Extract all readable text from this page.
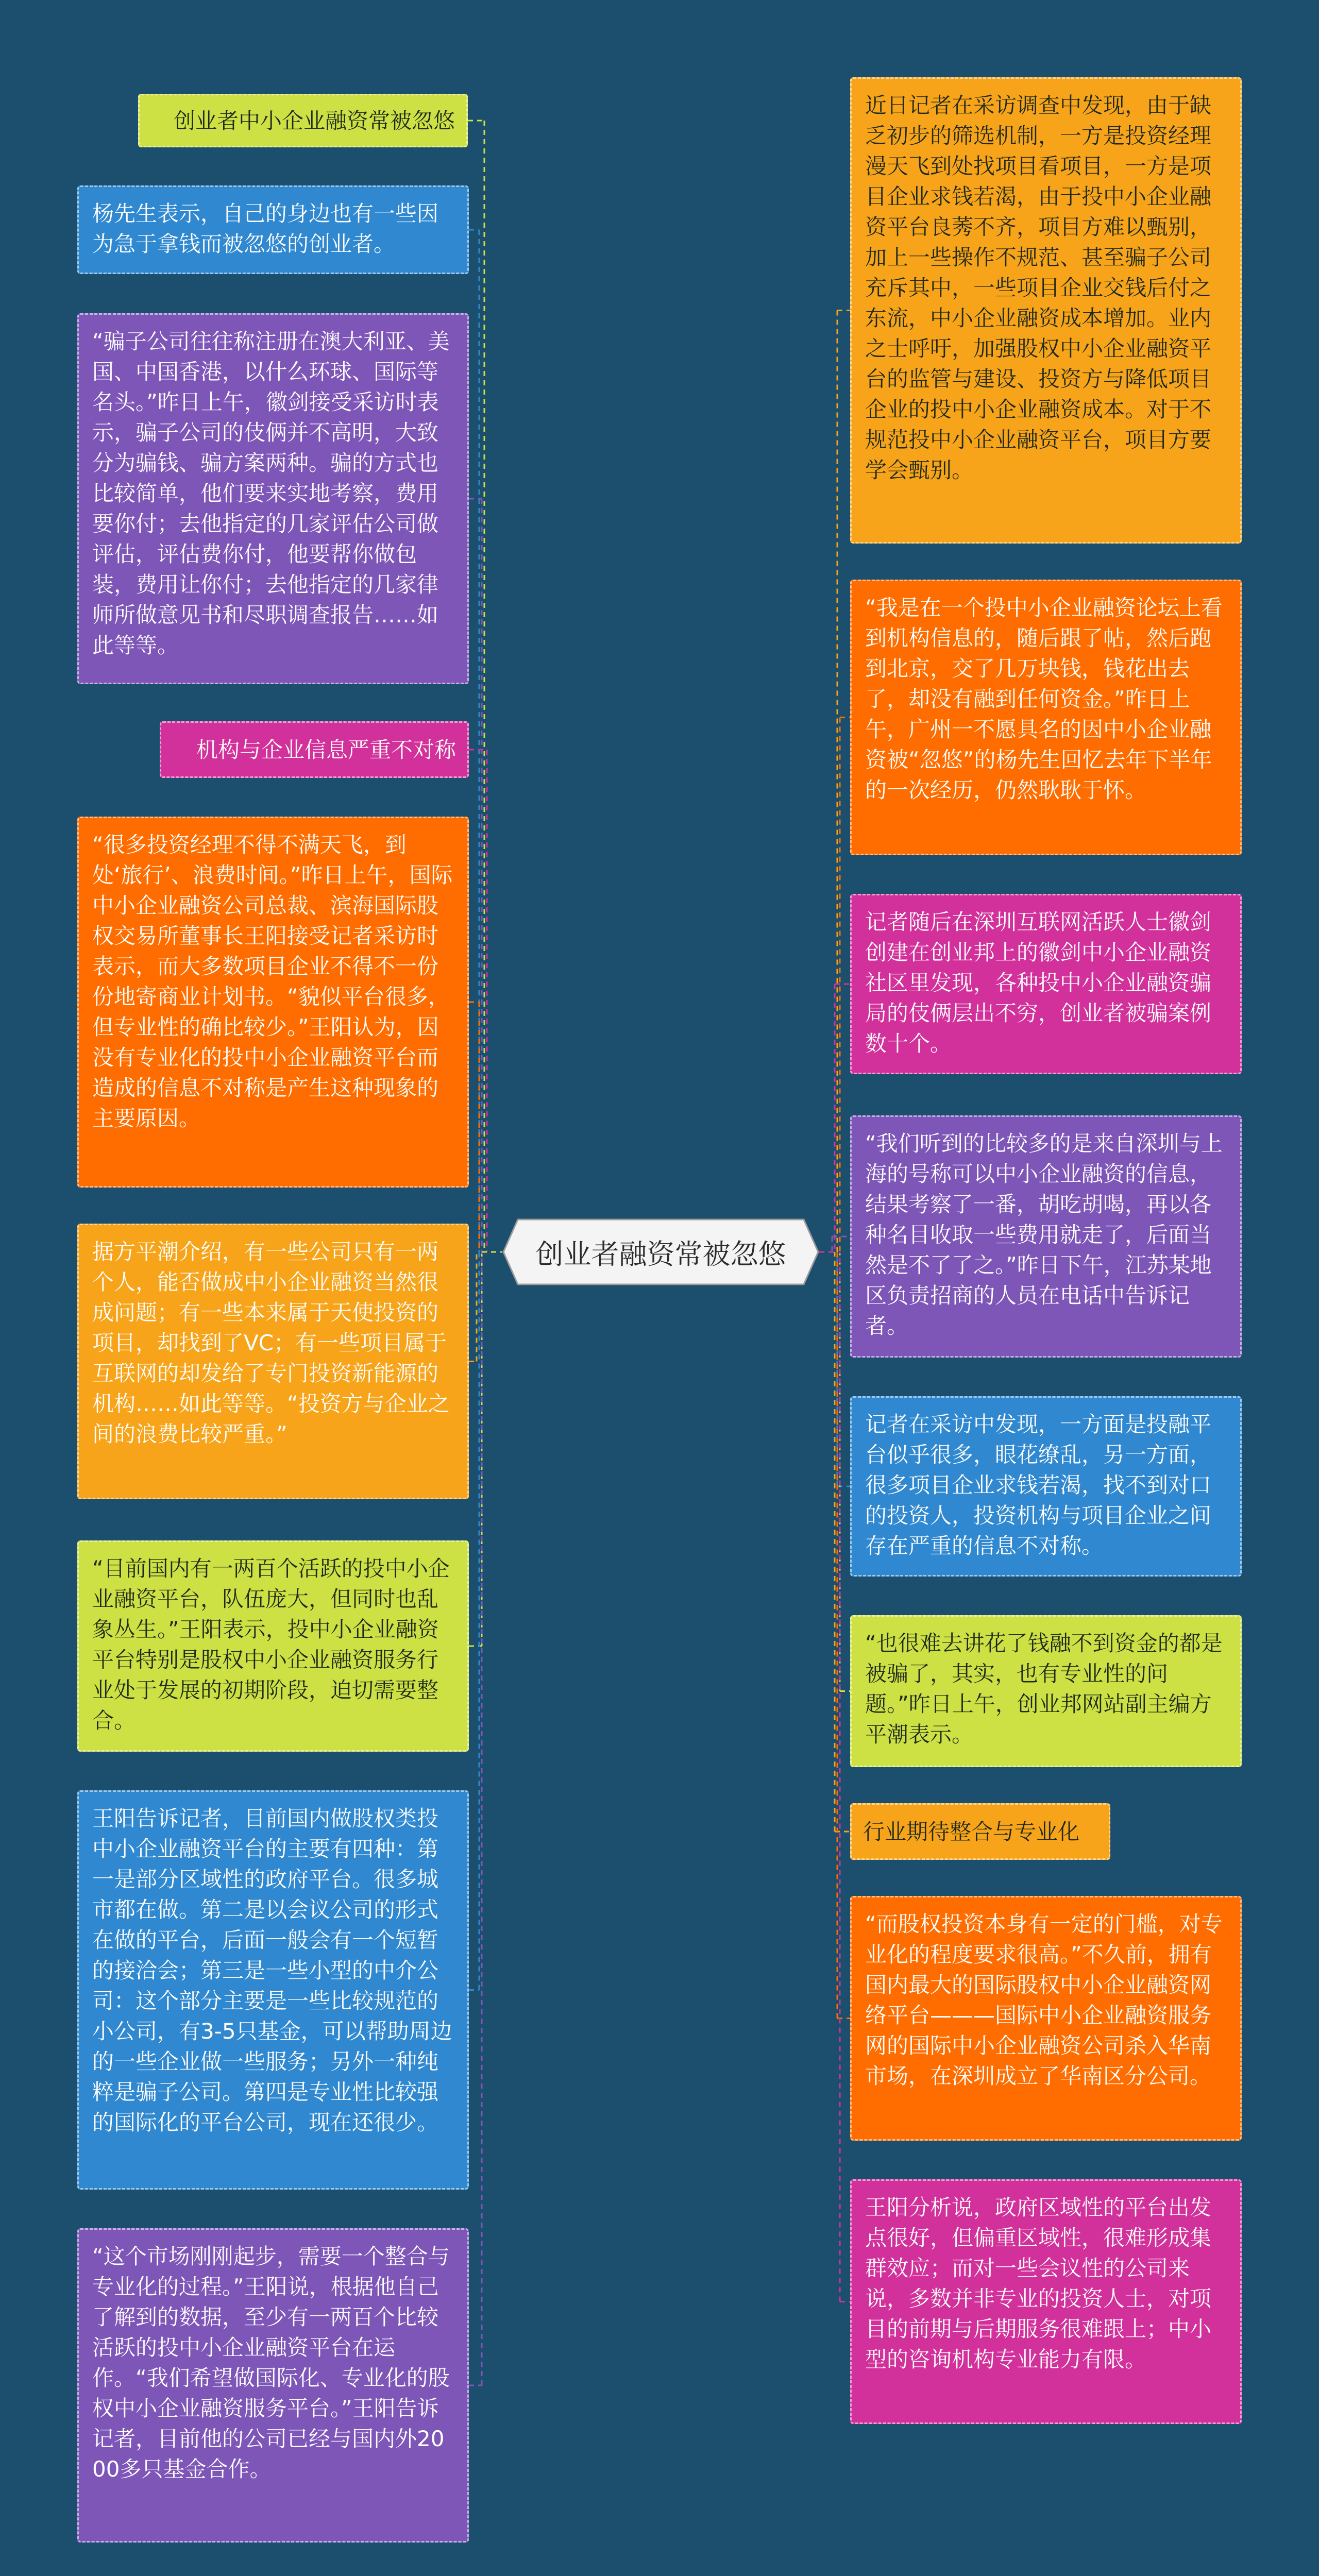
创业者融资常被忽悠
创业者中小企业融资常被忽悠
杨先生表示，自己的身边也有一些因为急于拿钱而被忽悠的创业者。
“骗子公司往往称注册在澳大利亚、美国、中国香港，以什么环球、国际等名头。”昨日上午，徽剑接受采访时表示，骗子公司的伎俩并不高明，大致分为骗钱、骗方案两种。骗的方式也比较简单，他们要来实地考察，费用要你付；去他指定的几家评估公司做评估，评估费你付，他要帮你做包装，费用让你付；去他指定的几家律师所做意见书和尽职调查报告……如此等等。
机构与企业信息严重不对称
“很多投资经理不得不满天飞，到处‘旅行’、浪费时间。”昨日上午，国际中小企业融资公司总裁、滨海国际股权交易所董事长王阳接受记者采访时表示，而大多数项目企业不得不一份份地寄商业计划书。“貌似平台很多，但专业性的确比较少。”王阳认为，因没有专业化的投中小企业融资平台而造成的信息不对称是产生这种现象的主要原因。
据方平潮介绍，有一些公司只有一两个人，能否做成中小企业融资当然很成问题；有一些本来属于天使投资的项目，却找到了VC；有一些项目属于互联网的却发给了专门投资新能源的机构……如此等等。“投资方与企业之间的浪费比较严重。”
“目前国内有一两百个活跃的投中小企业融资平台，队伍庞大，但同时也乱象丛生。”王阳表示，投中小企业融资平台特别是股权中小企业融资服务行业处于发展的初期阶段，迫切需要整合。
王阳告诉记者，目前国内做股权类投中小企业融资平台的主要有四种：第一是部分区域性的政府平台。很多城市都在做。第二是以会议公司的形式在做的平台，后面一般会有一个短暂的接洽会；第三是一些小型的中介公司：这个部分主要是一些比较规范的小公司，有3-5只基金，可以帮助周边的一些企业做一些服务；另外一种纯粹是骗子公司。第四是专业性比较强的国际化的平台公司，现在还很少。
“这个市场刚刚起步，需要一个整合与专业化的过程。”王阳说，根据他自己了解到的数据，至少有一两百个比较活跃的投中小企业融资平台在运作。“我们希望做国际化、专业化的股权中小企业融资服务平台。”王阳告诉记者，目前他的公司已经与国内外2000多只基金合作。
近日记者在采访调查中发现，由于缺乏初步的筛选机制，一方是投资经理漫天飞到处找项目看项目，一方是项目企业求钱若渴，由于投中小企业融资平台良莠不齐，项目方难以甄别，加上一些操作不规范、甚至骗子公司充斥其中，一些项目企业交钱后付之东流，中小企业融资成本增加。业内之士呼吁，加强股权中小企业融资平台的监管与建设、投资方与降低项目企业的投中小企业融资成本。对于不规范投中小企业融资平台，项目方要学会甄别。
“我是在一个投中小企业融资论坛上看到机构信息的，随后跟了帖，然后跑到北京，交了几万块钱，钱花出去了，却没有融到任何资金。”昨日上午，广州一不愿具名的因中小企业融资被“忽悠”的杨先生回忆去年下半年的一次经历，仍然耿耿于怀。
记者随后在深圳互联网活跃人士徽剑创建在创业邦上的徽剑中小企业融资社区里发现，各种投中小企业融资骗局的伎俩层出不穷，创业者被骗案例数十个。
“我们听到的比较多的是来自深圳与上海的号称可以中小企业融资的信息，结果考察了一番，胡吃胡喝，再以各种名目收取一些费用就走了，后面当然是不了了之。”昨日下午，江苏某地区负责招商的人员在电话中告诉记者。
记者在采访中发现，一方面是投融平台似乎很多，眼花缭乱，另一方面，很多项目企业求钱若渴，找不到对口的投资人，投资机构与项目企业之间存在严重的信息不对称。
“也很难去讲花了钱融不到资金的都是被骗了，其实，也有专业性的问题。”昨日上午，创业邦网站副主编方平潮表示。
行业期待整合与专业化
“而股权投资本身有一定的门槛，对专业化的程度要求很高。”不久前，拥有国内最大的国际股权中小企业融资网络平台———国际中小企业融资服务网的国际中小企业融资公司杀入华南市场，在深圳成立了华南区分公司。
王阳分析说，政府区域性的平台出发点很好，但偏重区域性，很难形成集群效应；而对一些会议性的公司来说，多数并非专业的投资人士，对项目的前期与后期服务很难跟上；中小型的咨询机构专业能力有限。
